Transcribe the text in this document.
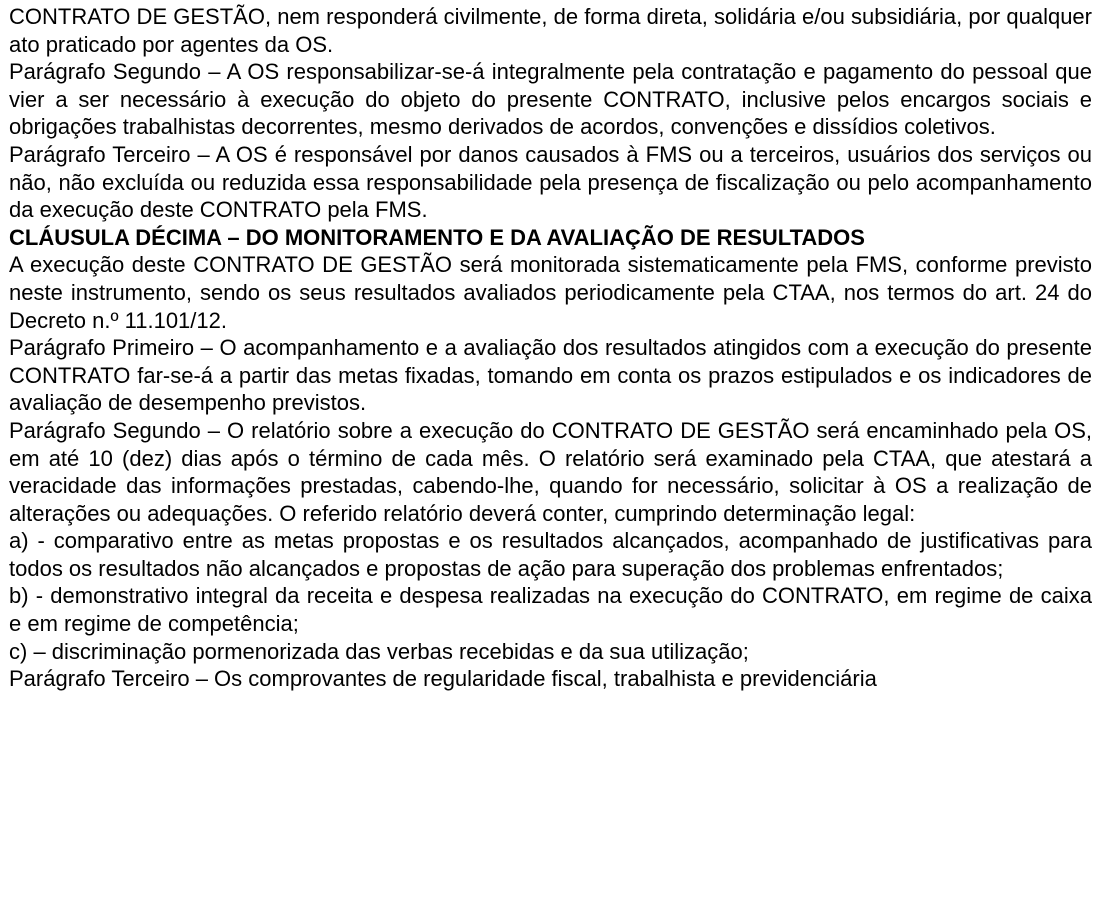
CONTRATO DE GESTÃO, nem responderá civilmente, de forma direta, solidária e/ou subsidiária, por qualquer ato praticado por agentes da OS.

Parágrafo Segundo – A OS responsabilizar-se-á integralmente pela contratação e pagamento do pessoal que vier a ser necessário à execução do objeto do presente CONTRATO, inclusive pelos encargos sociais e obrigações trabalhistas decorrentes, mesmo derivados de acordos, convenções e dissídios coletivos.

Parágrafo Terceiro – A OS é responsável por danos causados à FMS ou a terceiros, usuários dos serviços ou não, não excluída ou reduzida essa responsabilidade pela presença de fiscalização ou pelo acompanhamento da execução deste CONTRATO pela FMS.

CLÁUSULA DÉCIMA – DO MONITORAMENTO E DA AVALIAÇÃO DE RESULTADOS

A execução deste CONTRATO DE GESTÃO será monitorada sistematicamente pela FMS, conforme previsto neste instrumento, sendo os seus resultados avaliados periodicamente pela CTAA, nos termos do art. 24 do Decreto n.º 11.101/12.

Parágrafo Primeiro – O acompanhamento e a avaliação dos resultados atingidos com a execução do presente CONTRATO far-se-á a partir das metas fixadas, tomando em conta os prazos estipulados e os indicadores de avaliação de desempenho previstos.

Parágrafo Segundo – O relatório sobre a execução do CONTRATO DE GESTÃO será encaminhado pela OS, em até 10 (dez) dias após o término de cada mês. O relatório será examinado pela CTAA, que atestará a veracidade das informações prestadas, cabendo-lhe, quando for necessário, solicitar à OS a realização de alterações ou adequações. O referido relatório deverá conter, cumprindo determinação legal:

a) - comparativo entre as metas propostas e os resultados alcançados, acompanhado de justificativas para todos os resultados não alcançados e propostas de ação para superação dos problemas enfrentados;

b) - demonstrativo integral da receita e despesa realizadas na execução do CONTRATO, em regime de caixa e em regime de competência;

c) – discriminação pormenorizada das verbas recebidas e da sua utilização;

Parágrafo Terceiro – Os comprovantes de regularidade fiscal, trabalhista e previdenciária
